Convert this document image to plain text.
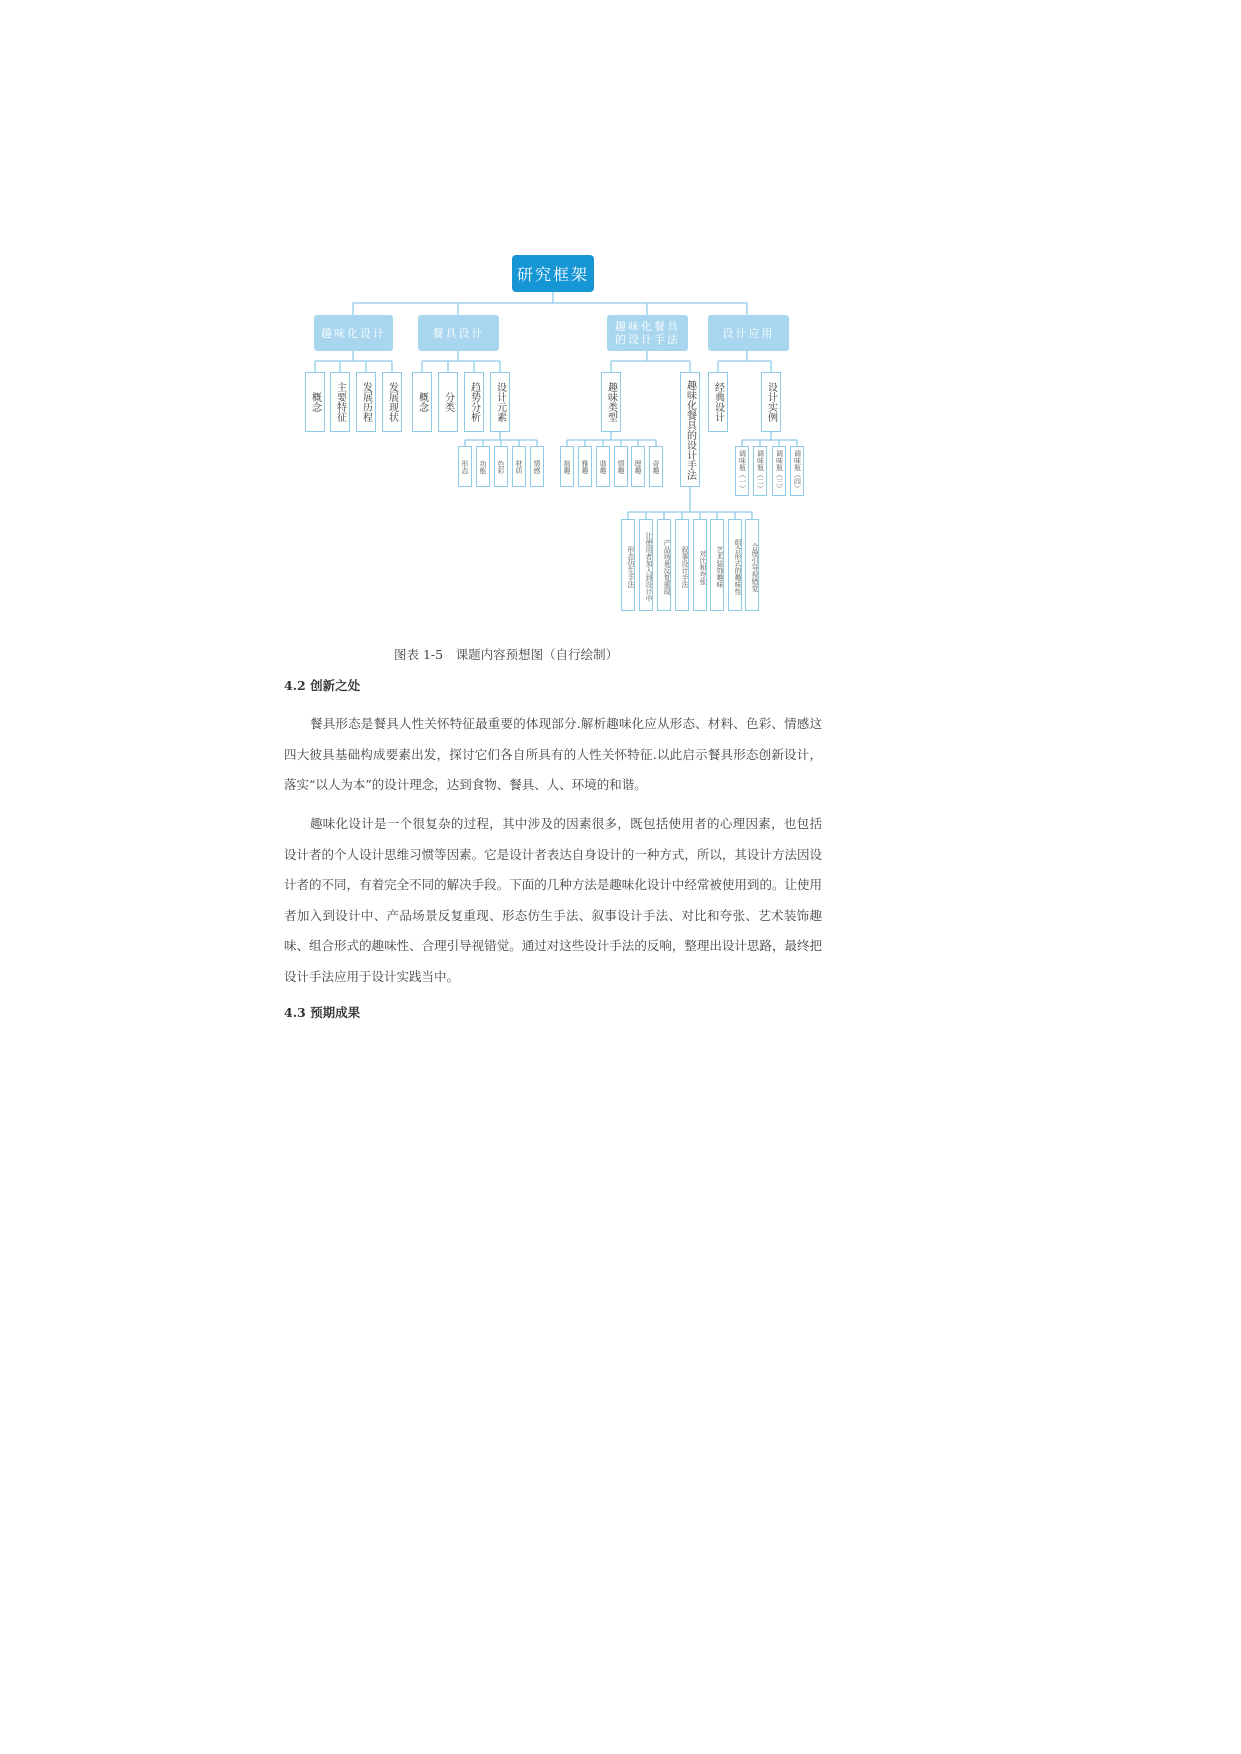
研究框架
趣味化设计	餐具设计	趣味化餐具的设计手法	设计应用
概念	主要特征	发展历程	发展现状	概念	分类	趋势分析	设计元素
形态	功能	色彩	材质	情感
趣味类型	趣味化餐具的设计手法
拙趣	雅趣	谐趣	情趣	理趣	奇趣
形态仿生手法	让使用者加入到设计中	产品场景反复重现	叙事设计手法	对比和夸张	艺术装饰趣味	组合形式的趣味性	合理引导视错觉
经典设计	设计实例
调味瓶（一）	调味瓶（二）	调味瓶（三）	调味瓶（四）
图表 1-5　课题内容预想图（自行绘制）
4.2 创新之处

餐具形态是餐具人性关怀特征最重要的体现部分.解析趣味化应从形态、材料、色彩、情感这四大彼具基础构成要素出发，探讨它们各自所具有的人性关怀特征.以此启示餐具形态创新设计，落实“以人为本”的设计理念，达到食物、餐具、人、环境的和谐。

趣味化设计是一个很复杂的过程，其中涉及的因素很多，既包括使用者的心理因素，也包括设计者的个人设计思维习惯等因素。它是设计者表达自身设计的一种方式，所以，其设计方法因设计者的不同，有着完全不同的解决手段。下面的几种方法是趣味化设计中经常被使用到的。让使用者加入到设计中、产品场景反复重现、形态仿生手法、叙事设计手法、对比和夸张、艺术装饰趣味、组合形式的趣味性、合理引导视错觉。通过对这些设计手法的反响，整理出设计思路，最终把设计手法应用于设计实践当中。

4.3 预期成果
